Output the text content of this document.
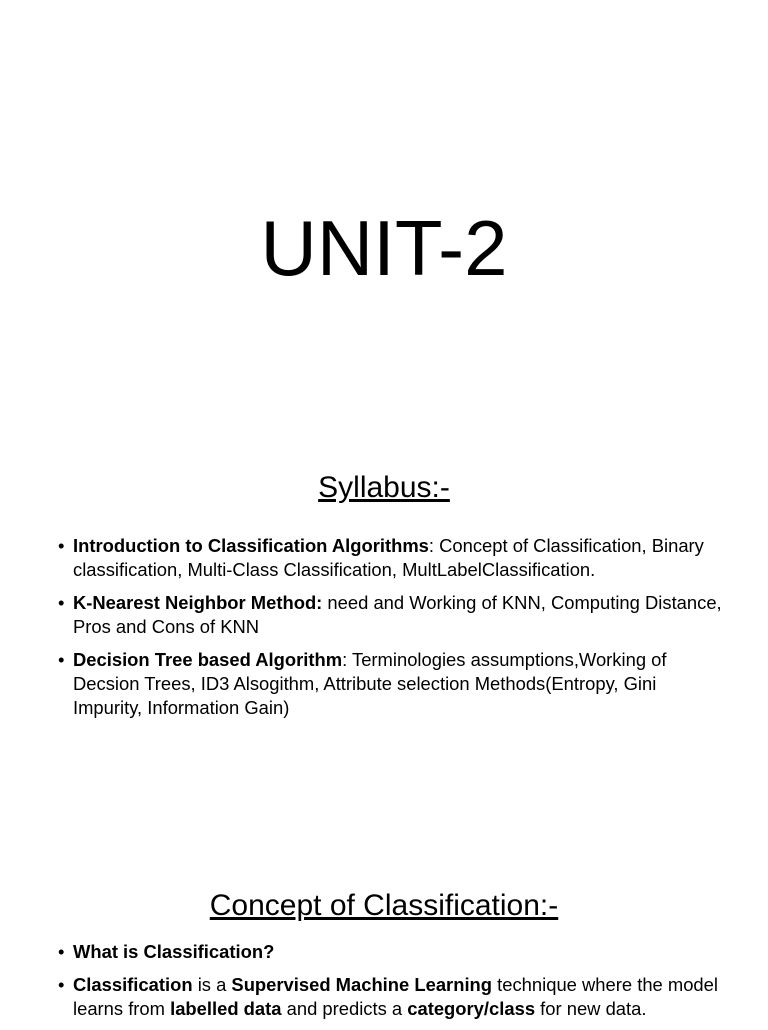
UNIT-2
Syllabus:-
• Introduction to Classification Algorithms: Concept of Classification, Binary classification, Multi-Class Classification, MultLabelClassification.
• K-Nearest Neighbor Method: need and Working of KNN, Computing Distance, Pros and Cons of KNN
• Decision Tree based Algorithm: Terminologies assumptions,Working of Decsion Trees, ID3 Alsogithm, Attribute selection Methods(Entropy, Gini Impurity, Information Gain)
Concept of Classification:-
• What is Classification?
• Classification is a Supervised Machine Learning technique where the model learns from labelled data and predicts a category/class for new data.
